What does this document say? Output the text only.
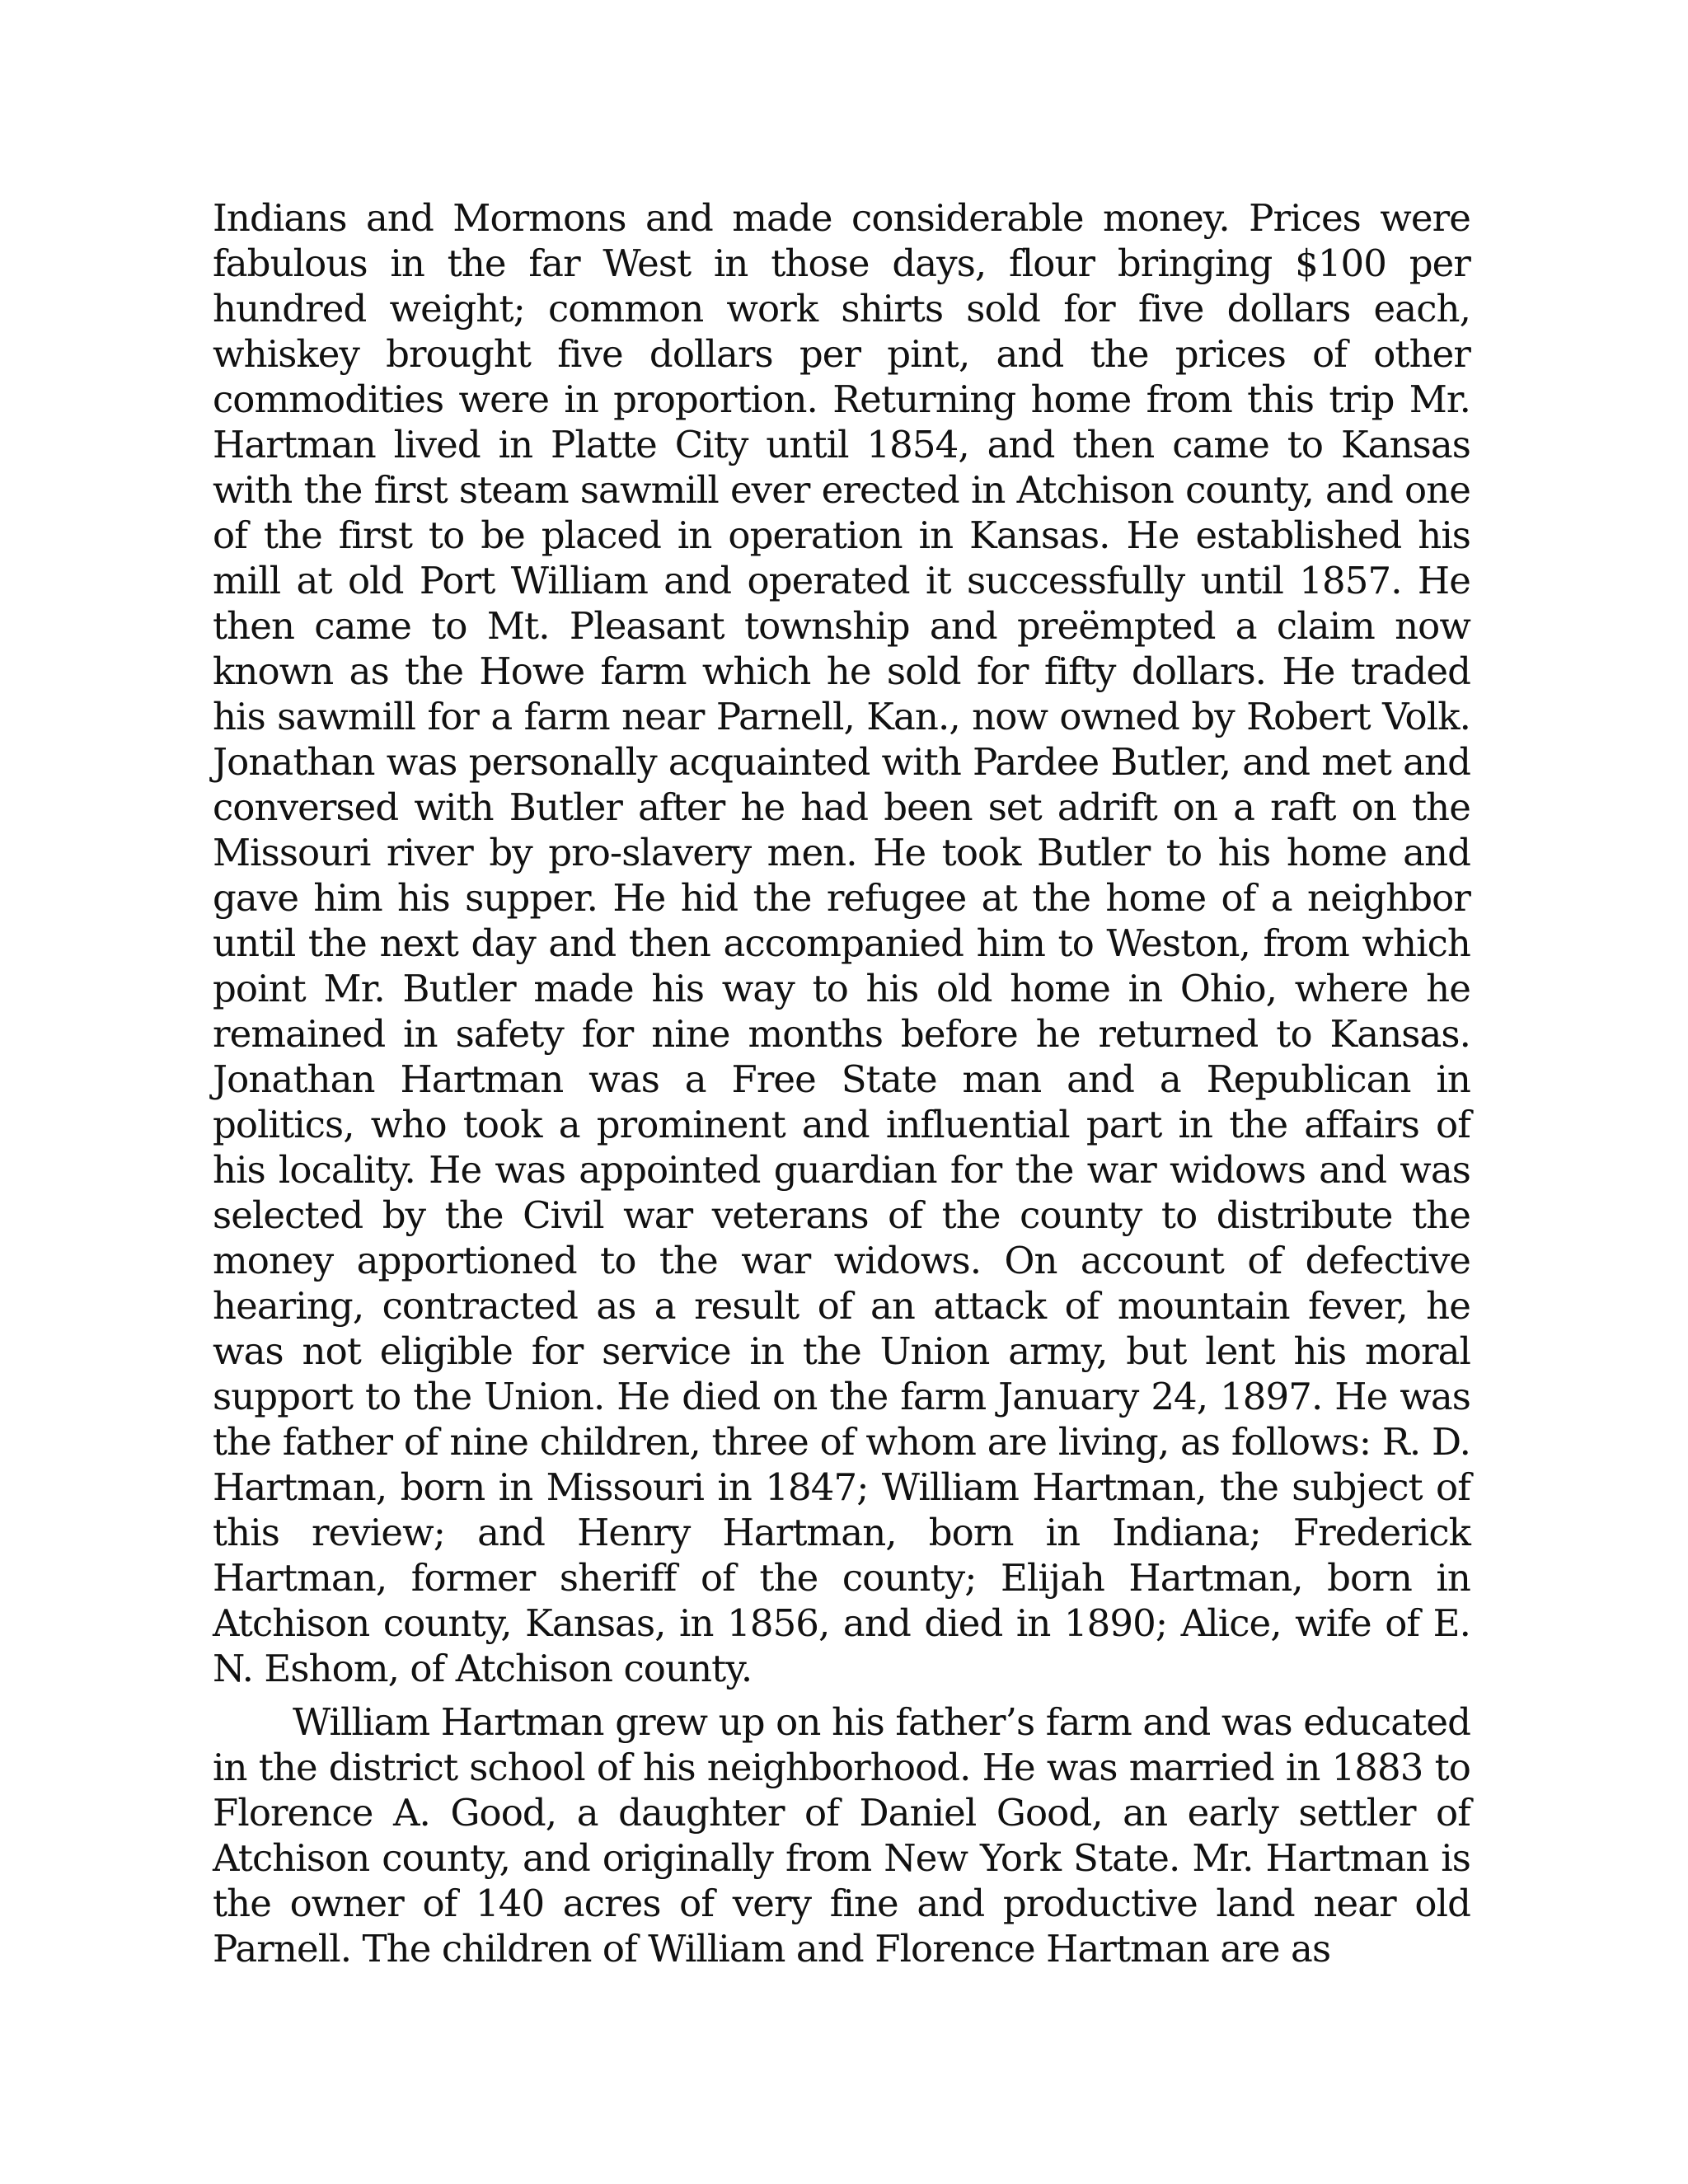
Indians and Mormons and made considerable money. Prices were fabulous in the far West in those days, flour bringing $100 per hundred weight; common work shirts sold for five dollars each, whiskey brought five dollars per pint, and the prices of other commodities were in proportion. Returning home from this trip Mr. Hartman lived in Platte City until 1854, and then came to Kansas with the first steam sawmill ever erected in Atchison county, and one of the first to be placed in operation in Kansas. He established his mill at old Port William and operated it successfully until 1857. He then came to Mt. Pleasant township and preëmpted a claim now known as the Howe farm which he sold for fifty dollars. He traded his sawmill for a farm near Parnell, Kan., now owned by Robert Volk. Jonathan was personally acquainted with Pardee Butler, and met and conversed with Butler after he had been set adrift on a raft on the Missouri river by pro-slavery men. He took Butler to his home and gave him his supper. He hid the refugee at the home of a neighbor until the next day and then accompanied him to Weston, from which point Mr. Butler made his way to his old home in Ohio, where he remained in safety for nine months before he returned to Kansas. Jonathan Hartman was a Free State man and a Republican in politics, who took a prominent and influential part in the affairs of his locality. He was appointed guardian for the war widows and was selected by the Civil war veterans of the county to distribute the money apportioned to the war widows. On account of defective hearing, contracted as a result of an attack of mountain fever, he was not eligible for service in the Union army, but lent his moral support to the Union. He died on the farm January 24, 1897. He was the father of nine children, three of whom are living, as follows: R. D. Hartman, born in Missouri in 1847; William Hartman, the subject of this review; and Henry Hartman, born in Indiana; Frederick Hartman, former sheriff of the county; Elijah Hartman, born in Atchison county, Kansas, in 1856, and died in 1890; Alice, wife of E. N. Eshom, of Atchison county.

William Hartman grew up on his father’s farm and was educated in the district school of his neighborhood. He was married in 1883 to Florence A. Good, a daughter of Daniel Good, an early settler of Atchison county, and originally from New York State. Mr. Hartman is the owner of 140 acres of very fine and productive land near old Parnell. The children of William and Florence Hartman are as
